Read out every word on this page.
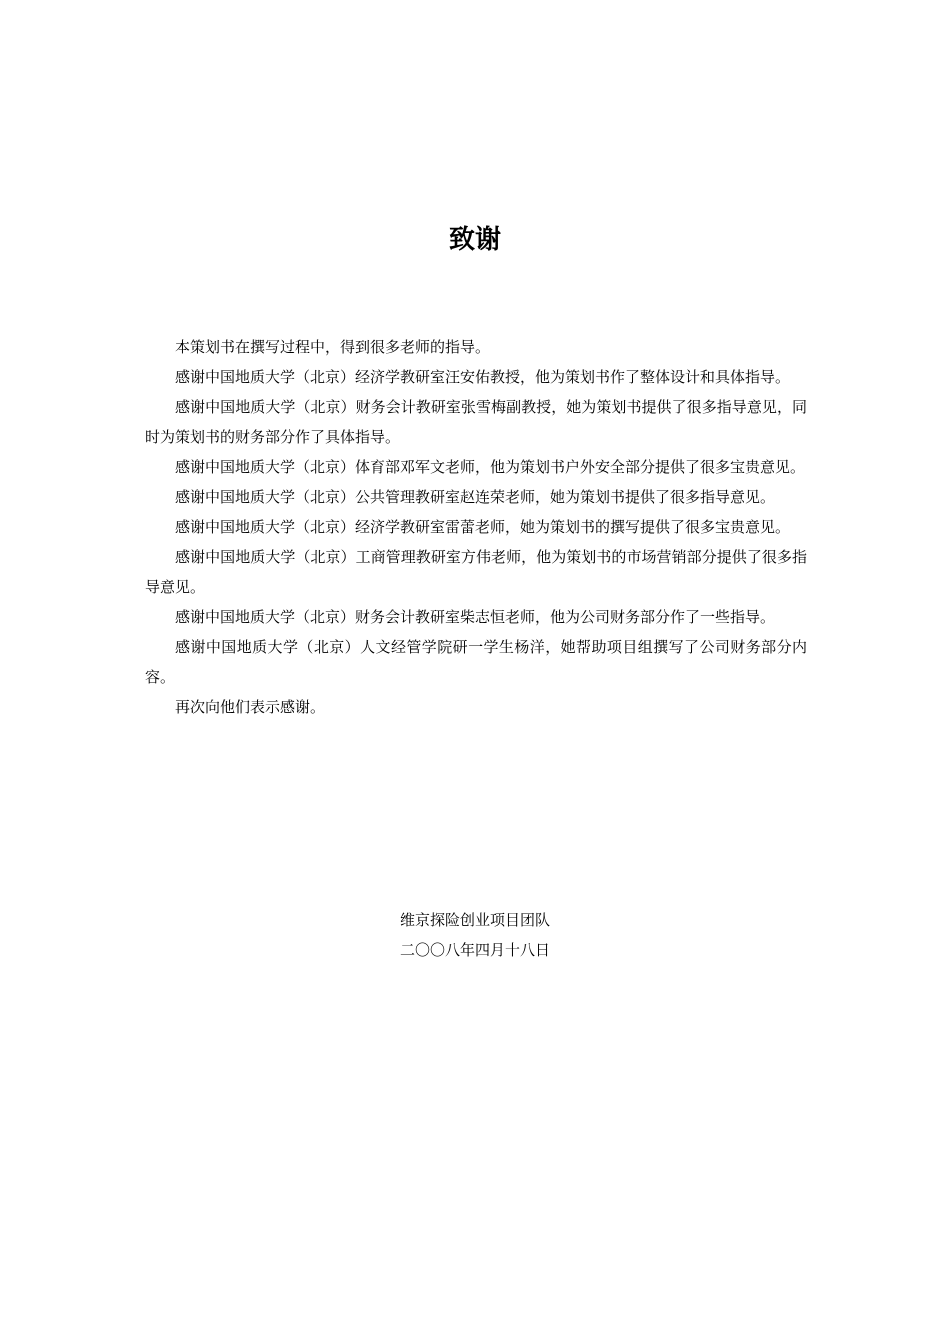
致谢

本策划书在撰写过程中，得到很多老师的指导。

感谢中国地质大学（北京）经济学教研室汪安佑教授，他为策划书作了整体设计和具体指导。

感谢中国地质大学（北京）财务会计教研室张雪梅副教授，她为策划书提供了很多指导意见，同时为策划书的财务部分作了具体指导。

感谢中国地质大学（北京）体育部邓军文老师，他为策划书户外安全部分提供了很多宝贵意见。

感谢中国地质大学（北京）公共管理教研室赵连荣老师，她为策划书提供了很多指导意见。

感谢中国地质大学（北京）经济学教研室雷蕾老师，她为策划书的撰写提供了很多宝贵意见。

感谢中国地质大学（北京）工商管理教研室方伟老师，他为策划书的市场营销部分提供了很多指导意见。

感谢中国地质大学（北京）财务会计教研室柴志恒老师，他为公司财务部分作了一些指导。

感谢中国地质大学（北京）人文经管学院研一学生杨洋，她帮助项目组撰写了公司财务部分内容。

再次向他们表示感谢。

维京探险创业项目团队
二〇〇八年四月十八日
